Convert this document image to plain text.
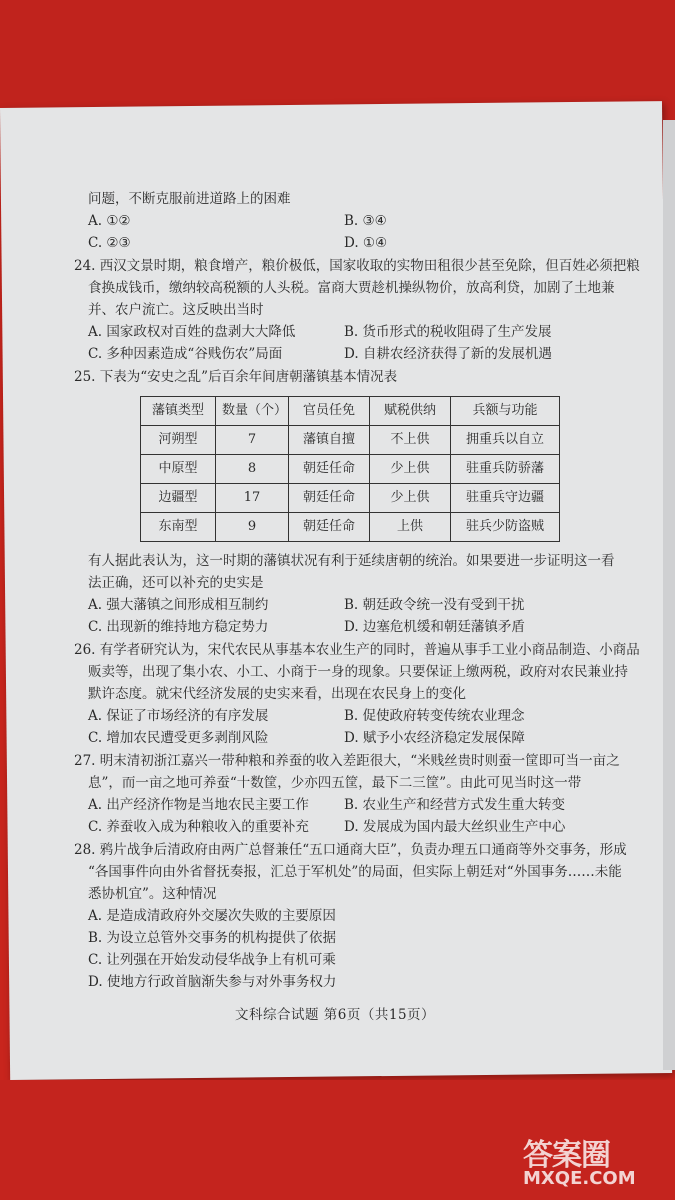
问题，不断克服前进道路上的困难
A. ①②	B. ③④
C. ②③	D. ①④
24. 西汉文景时期，粮食增产，粮价极低，国家收取的实物田租很少甚至免除，但百姓必须把粮
食换成钱币，缴纳较高税额的人头税。富商大贾趁机操纵物价，放高利贷，加剧了土地兼
并、农户流亡。这反映出当时
A. 国家政权对百姓的盘剥大大降低	B. 货币形式的税收阻碍了生产发展
C. 多种因素造成“谷贱伤农”局面	D. 自耕农经济获得了新的发展机遇
25. 下表为“安史之乱”后百余年间唐朝藩镇基本情况表
藩镇类型	数量（个）	官员任免	赋税供纳	兵额与功能
河朔型	7	藩镇自擅	不上供	拥重兵以自立
中原型	8	朝廷任命	少上供	驻重兵防骄藩
边疆型	17	朝廷任命	少上供	驻重兵守边疆
东南型	9	朝廷任命	上供	驻兵少防盗贼
有人据此表认为，这一时期的藩镇状况有利于延续唐朝的统治。如果要进一步证明这一看
法正确，还可以补充的史实是
A. 强大藩镇之间形成相互制约	B. 朝廷政令统一没有受到干扰
C. 出现新的维持地方稳定势力	D. 边塞危机缓和朝廷藩镇矛盾
26. 有学者研究认为，宋代农民从事基本农业生产的同时，普遍从事手工业小商品制造、小商品
贩卖等，出现了集小农、小工、小商于一身的现象。只要保证上缴两税，政府对农民兼业持
默许态度。就宋代经济发展的史实来看，出现在农民身上的变化
A. 保证了市场经济的有序发展	B. 促使政府转变传统农业理念
C. 增加农民遭受更多剥削风险	D. 赋予小农经济稳定发展保障
27. 明末清初浙江嘉兴一带种粮和养蚕的收入差距很大，“米贱丝贵时则蚕一筐即可当一亩之
息”，而一亩之地可养蚕“十数筐，少亦四五筐，最下二三筐”。由此可见当时这一带
A. 出产经济作物是当地农民主要工作	B. 农业生产和经营方式发生重大转变
C. 养蚕收入成为种粮收入的重要补充	D. 发展成为国内最大丝织业生产中心
28. 鸦片战争后清政府由两广总督兼任“五口通商大臣”，负责办理五口通商等外交事务，形成
“各国事件向由外省督抚奏报，汇总于军机处”的局面，但实际上朝廷对“外国事务……未能
悉协机宜”。这种情况
A. 是造成清政府外交屡次失败的主要原因
B. 为设立总管外交事务的机构提供了依据
C. 让列强在开始发动侵华战争上有机可乘
D. 使地方行政首脑渐失参与对外事务权力
文科综合试题 第6页（共15页）
答案圈
MXQE.COM
